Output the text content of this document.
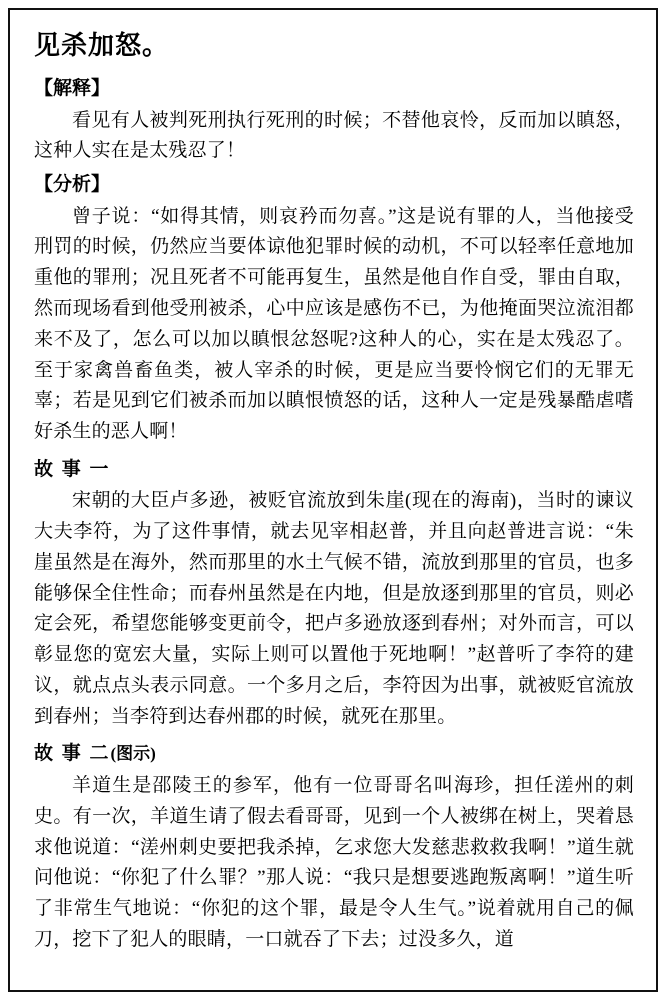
见杀加怒。
【解释】

看见有人被判死刑执行死刑的时候；不替他哀怜，反而加以瞋怒，这种人实在是太残忍了！

【分析】

曾子说：“如得其情，则哀矜而勿喜。”这是说有罪的人，当他接受刑罚的时候，仍然应当要体谅他犯罪时候的动机，不可以轻率任意地加重他的罪刑；况且死者不可能再复生，虽然是他自作自受，罪由自取，然而现场看到他受刑被杀，心中应该是感伤不已，为他掩面哭泣流泪都来不及了，怎么可以加以瞋恨忿怒呢?这种人的心，实在是太残忍了。至于家禽兽畜鱼类，被人宰杀的时候，更是应当要怜悯它们的无罪无辜；若是见到它们被杀而加以瞋恨愤怒的话，这种人一定是残暴酷虐嗜好杀生的恶人啊！

故 事 一

宋朝的大臣卢多逊，被贬官流放到朱崖(现在的海南)，当时的谏议大夫李符，为了这件事情，就去见宰相赵普，并且向赵普进言说：“朱崖虽然是在海外，然而那里的水土气候不错，流放到那里的官员，也多能够保全住性命；而春州虽然是在内地，但是放逐到那里的官员，则必定会死，希望您能够变更前令，把卢多逊放逐到春州；对外而言，可以彰显您的宽宏大量，实际上则可以置他于死地啊！”赵普听了李符的建议，就点点头表示同意。一个多月之后，李符因为出事，就被贬官流放到春州；当李符到达春州郡的时候，就死在那里。

故 事 二(图示)

羊道生是邵陵王的参军，他有一位哥哥名叫海珍，担任溠州的刺史。有一次，羊道生请了假去看哥哥，见到一个人被绑在树上，哭着恳求他说道：“溠州刺史要把我杀掉，乞求您大发慈悲救救我啊！”道生就问他说：“你犯了什么罪？”那人说：“我只是想要逃跑叛离啊！”道生听了非常生气地说：“你犯的这个罪，最是令人生气。”说着就用自己的佩刀，挖下了犯人的眼睛，一口就吞了下去；过没多久，道
